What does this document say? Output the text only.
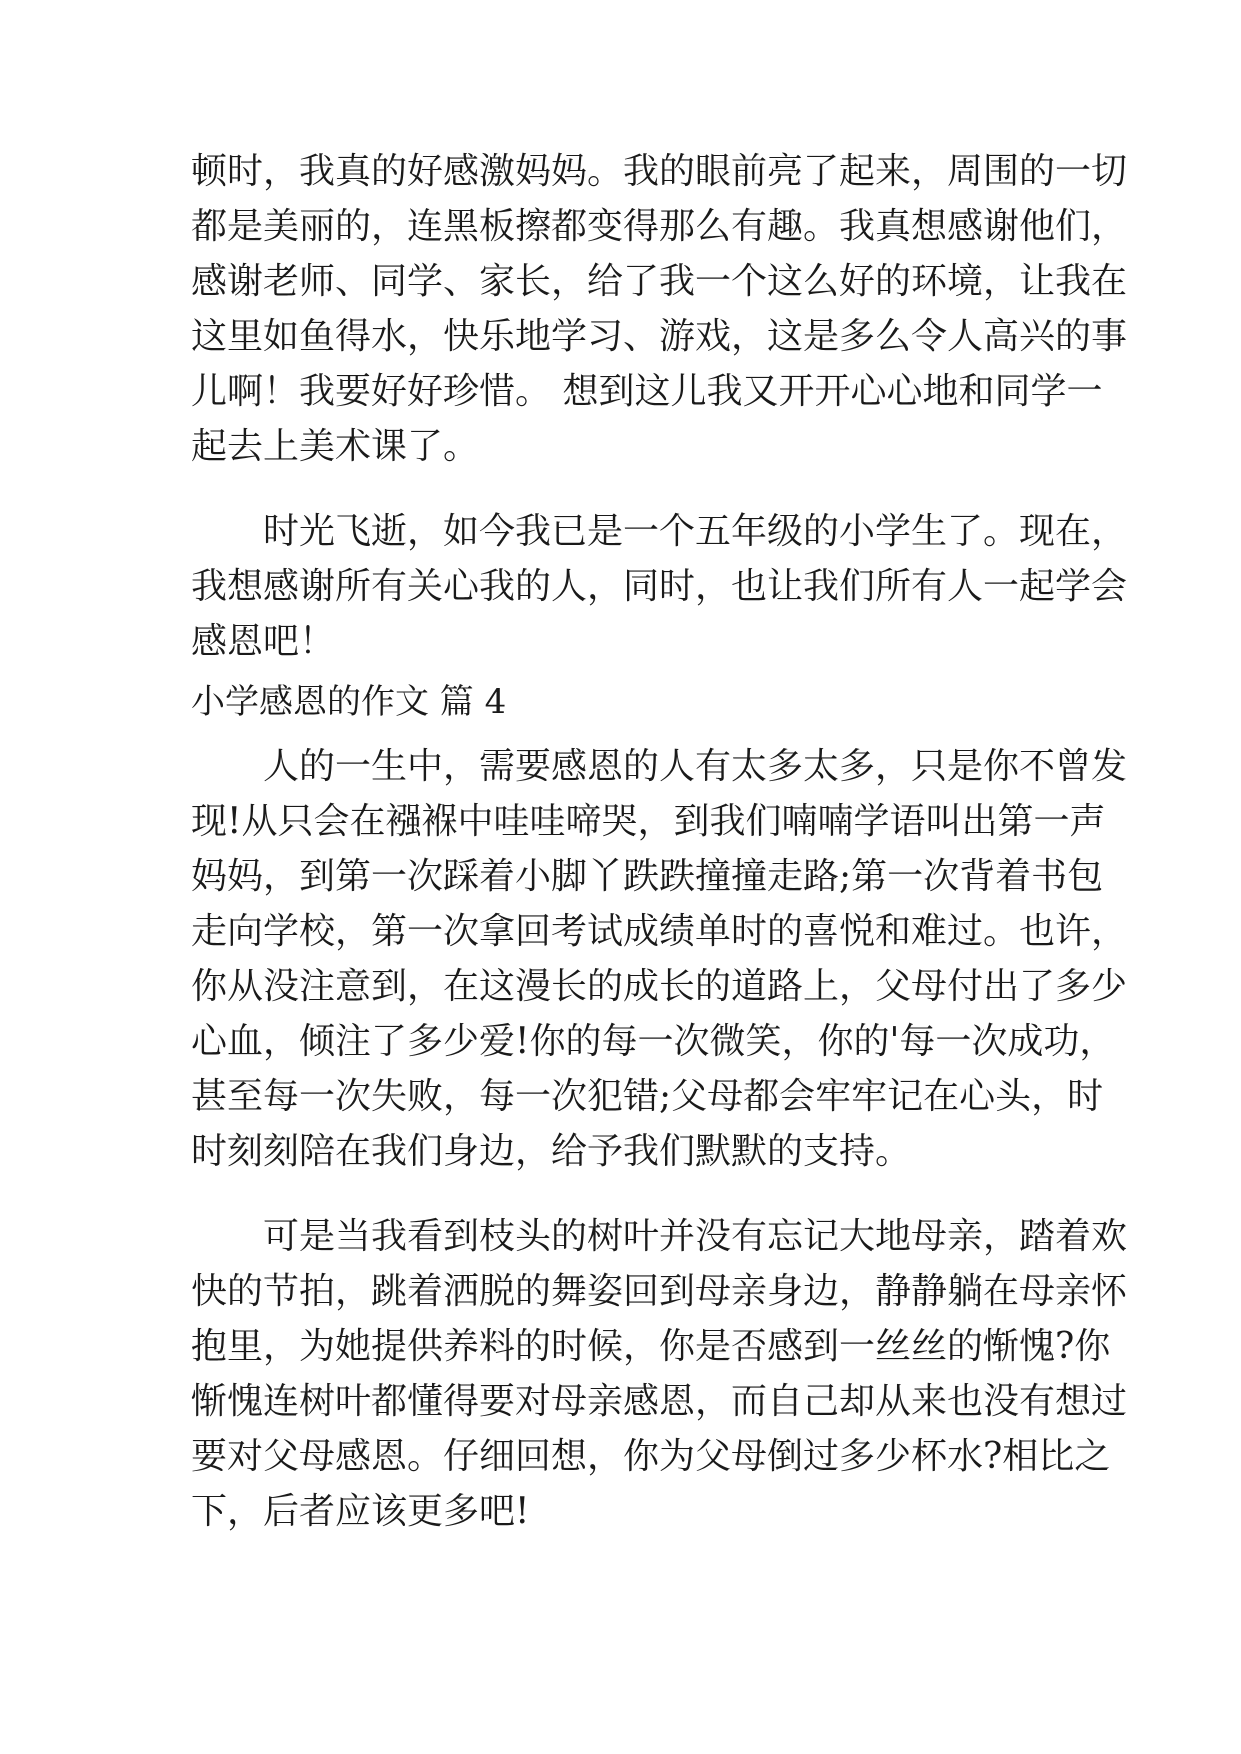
顿时，我真的好感激妈妈。我的眼前亮了起来，周围的一切
都是美丽的，连黑板擦都变得那么有趣。我真想感谢他们，
感谢老师、同学、家长，给了我一个这么好的环境，让我在
这里如鱼得水，快乐地学习、游戏，这是多么令人高兴的事
儿啊！我要好好珍惜。 想到这儿我又开开心心地和同学一
起去上美术课了。
　　时光飞逝，如今我已是一个五年级的小学生了。现在，
我想感谢所有关心我的人，同时，也让我们所有人一起学会
感恩吧！
小学感恩的作文 篇 4
　　人的一生中，需要感恩的人有太多太多，只是你不曾发
现!从只会在襁褓中哇哇啼哭，到我们喃喃学语叫出第一声
妈妈，到第一次踩着小脚丫跌跌撞撞走路;第一次背着书包
走向学校，第一次拿回考试成绩单时的喜悦和难过。也许，
你从没注意到，在这漫长的成长的道路上，父母付出了多少
心血，倾注了多少爱!你的每一次微笑，你的'每一次成功，
甚至每一次失败，每一次犯错;父母都会牢牢记在心头，时
时刻刻陪在我们身边，给予我们默默的支持。
　　可是当我看到枝头的树叶并没有忘记大地母亲，踏着欢
快的节拍，跳着洒脱的舞姿回到母亲身边，静静躺在母亲怀
抱里，为她提供养料的时候，你是否感到一丝丝的惭愧?你
惭愧连树叶都懂得要对母亲感恩，而自己却从来也没有想过
要对父母感恩。仔细回想，你为父母倒过多少杯水?相比之
下，后者应该更多吧!
